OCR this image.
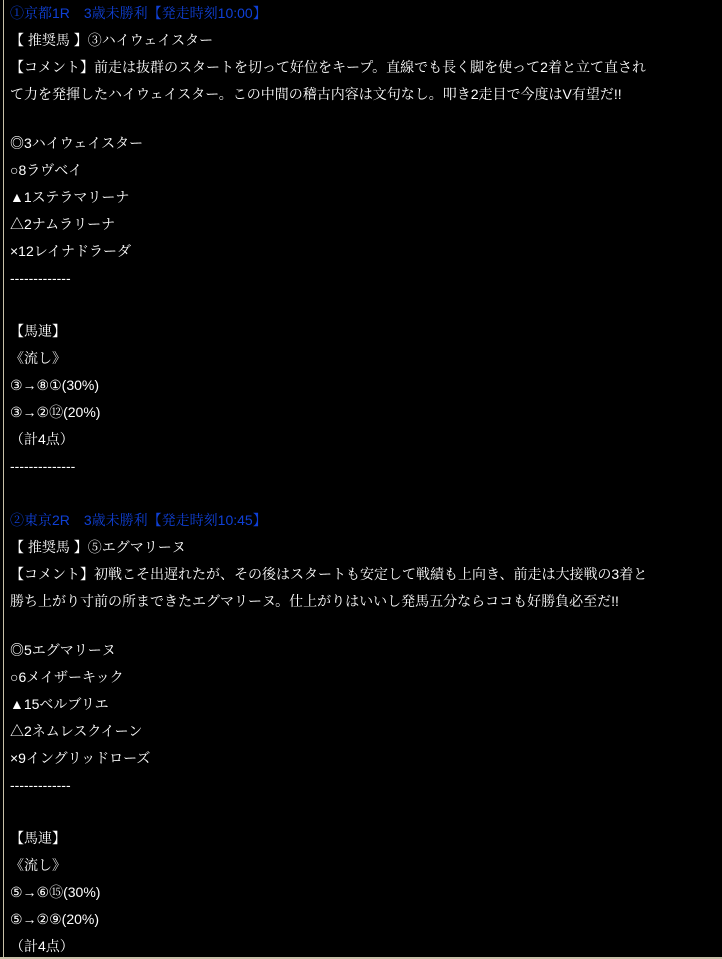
①京都1R　3歳未勝利【発走時刻10:00】
【 推奨馬 】③ハイウェイスター
【コメント】前走は抜群のスタートを切って好位をキープ。直線でも長く脚を使って2着と立て直されて力を発揮したハイウェイスター。この中間の稽古内容は文句なし。叩き2走目で今度はV有望だ!!
◎3ハイウェイスター
○8ラヴベイ
▲1ステラマリーナ
△2ナムラリーナ
×12レイナドラーダ
-------------
【馬連】
《流し》
③→⑧①(30%)
③→②⑫(20%)
（計4点）
--------------
②東京2R　3歳未勝利【発走時刻10:45】
【 推奨馬 】⑤エグマリーヌ
【コメント】初戦こそ出遅れたが、その後はスタートも安定して戦績も上向き、前走は大接戦の3着と勝ち上がり寸前の所まできたエグマリーヌ。仕上がりはいいし発馬五分ならココも好勝負必至だ!!
◎5エグマリーヌ
○6メイザーキック
▲15ベルブリエ
△2ネムレスクイーン
×9イングリッドローズ
-------------
【馬連】
《流し》
⑤→⑥⑮(30%)
⑤→②⑨(20%)
（計4点）
